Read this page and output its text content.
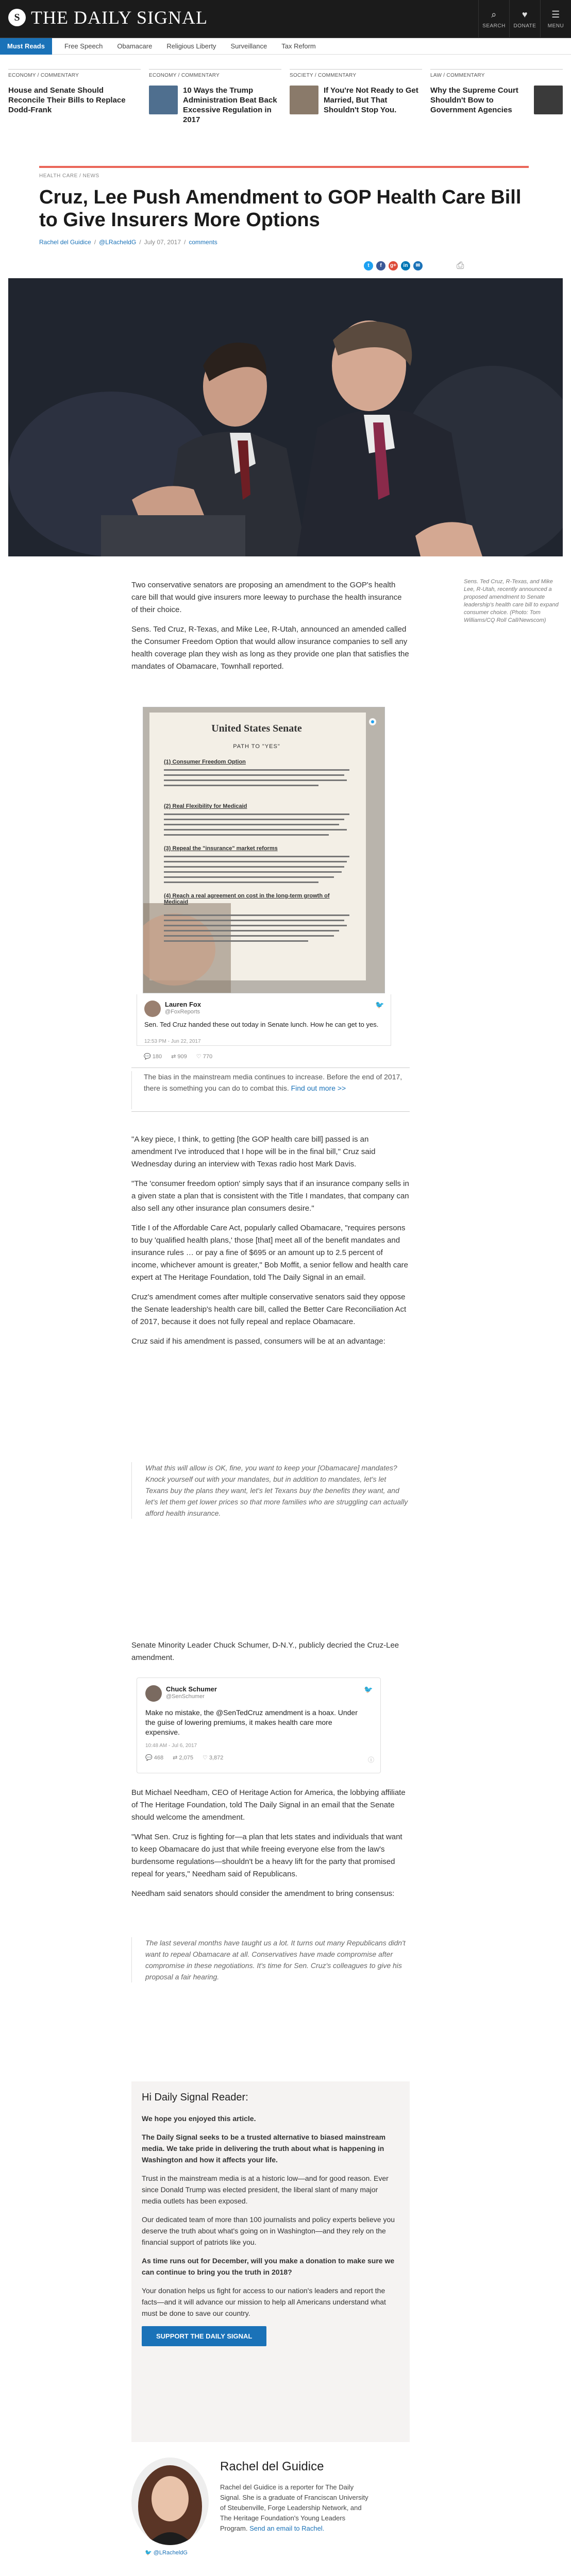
S THE DAILY SIGNAL	⌕
SEARCH
♥
DONATE
☰
MENU
Must Reads	Free Speech	Obamacare	Religious Liberty	Surveillance	Tax Reform
ECONOMY / COMMENTARY
House and Senate Should Reconcile Their Bills to Replace Dodd-Frank
ECONOMY / COMMENTARY
10 Ways the Trump Administration Beat Back Excessive Regulation in 2017
SOCIETY / COMMENTARY
If You're Not Ready to Get Married, But That Shouldn't Stop You.
LAW / COMMENTARY
Why the Supreme Court Shouldn't Bow to Government Agencies
HEALTH CARE / NEWS
Cruz, Lee Push Amendment to GOP Health Care Bill to Give Insurers More Options
Rachel del Guidice / @LRacheldG / July 07, 2017 / comments
t	f	g+	in	✉	⎙
Sens. Ted Cruz, R-Texas, and Mike Lee, R-Utah, recently announced a proposed amendment to Senate leadership's health care bill to expand consumer choice. (Photo: Tom Williams/CQ Roll Call/Newscom)

Two conservative senators are proposing an amendment to the GOP's health care bill that would give insurers more leeway to purchase the health insurance of their choice.

Sens. Ted Cruz, R-Texas, and Mike Lee, R-Utah, announced an amended called the Consumer Freedom Option that would allow insurance companies to sell any health coverage plan they wish as long as they provide one plan that satisfies the mandates of Obamacare, Townhall reported.

United States Senate
PATH TO "YES"
(1) Consumer Freedom Option
(2) Real Flexibility for Medicaid
(3) Repeal the "insurance" market reforms
(4) Reach a real agreement on cost in the long-term growth of Medicaid
Lauren Fox
@FoxReports
🐦
Sen. Ted Cruz handed these out today in Senate lunch. How he can get to yes.
12:53 PM - Jun 22, 2017
💬 180 ⇄ 909 ♡ 770
The bias in the mainstream media continues to increase. Before the end of 2017, there is something you can do to combat this. Find out more >>

"A key piece, I think, to getting [the GOP health care bill] passed is an amendment I've introduced that I hope will be in the final bill," Cruz said Wednesday during an interview with Texas radio host Mark Davis.

"The 'consumer freedom option' simply says that if an insurance company sells in a given state a plan that is consistent with the Title I mandates, that company can also sell any other insurance plan consumers desire."

Title I of the Affordable Care Act, popularly called Obamacare, "requires persons to buy 'qualified health plans,' those [that] meet all of the benefit mandates and insurance rules … or pay a fine of $695 or an amount up to 2.5 percent of income, whichever amount is greater," Bob Moffit, a senior fellow and health care expert at The Heritage Foundation, told The Daily Signal in an email.

Cruz's amendment comes after multiple conservative senators said they oppose the Senate leadership's health care bill, called the Better Care Reconciliation Act of 2017, because it does not fully repeal and replace Obamacare.

Cruz said if his amendment is passed, consumers will be at an advantage:

What this will allow is OK, fine, you want to keep your [Obamacare] mandates? Knock yourself out with your mandates, but in addition to mandates, let's let Texans buy the plans they want, let's let Texans buy the benefits they want, and let's let them get lower prices so that more families who are struggling can actually afford health insurance.

Senate Minority Leader Chuck Schumer, D-N.Y., publicly decried the Cruz-Lee amendment.

Chuck Schumer
@SenSchumer
🐦
Make no mistake, the @SenTedCruz amendment is a hoax. Under the guise of lowering premiums, it makes health care more expensive.
10:48 AM - Jul 6, 2017
💬 468 ⇄ 2,075 ♡ 3,872	ⓘ

But Michael Needham, CEO of Heritage Action for America, the lobbying affiliate of The Heritage Foundation, told The Daily Signal in an email that the Senate should welcome the amendment.

"What Sen. Cruz is fighting for—a plan that lets states and individuals that want to keep Obamacare do just that while freeing everyone else from the law's burdensome regulations—shouldn't be a heavy lift for the party that promised repeal for years," Needham said of Republicans.

Needham said senators should consider the amendment to bring consensus:

The last several months have taught us a lot. It turns out many Republicans didn't want to repeal Obamacare at all. Conservatives have made compromise after compromise in these negotiations. It's time for Sen. Cruz's colleagues to give his proposal a fair hearing.
Hi Daily Signal Reader:

We hope you enjoyed this article.

The Daily Signal seeks to be a trusted alternative to biased mainstream media. We take pride in delivering the truth about what is happening in Washington and how it affects your life.

Trust in the mainstream media is at a historic low—and for good reason. Ever since Donald Trump was elected president, the liberal slant of many major media outlets has been exposed.

Our dedicated team of more than 100 journalists and policy experts believe you deserve the truth about what's going on in Washington—and they rely on the financial support of patriots like you.

As time runs out for December, will you make a donation to make sure we can continue to bring you the truth in 2018?

Your donation helps us fight for access to our nation's leaders and report the facts—and it will advance our mission to help all Americans understand what must be done to save our country.

SUPPORT THE DAILY SIGNAL
🐦 @LRacheldG
Rachel del Guidice
Rachel del Guidice is a reporter for The Daily Signal. She is a graduate of Franciscan University of Steubenville, Forge Leadership Network, and The Heritage Foundation's Young Leaders Program. Send an email to Rachel.
